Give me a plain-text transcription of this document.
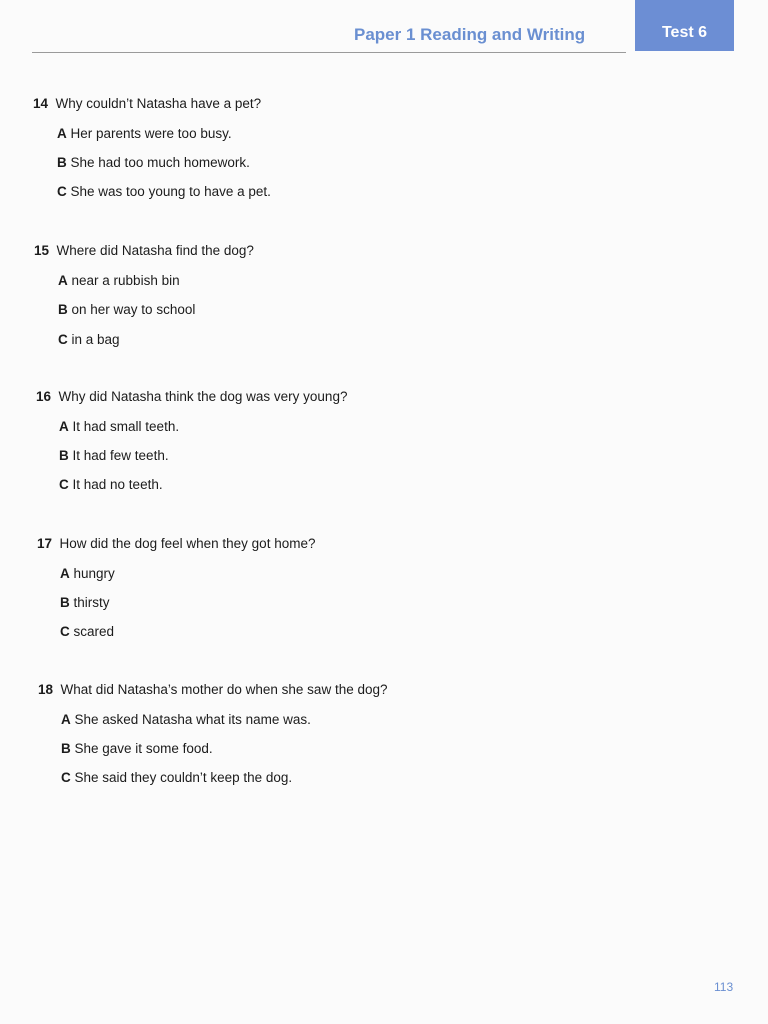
Paper 1 Reading and Writing	Test 6
14 Why couldn’t Natasha have a pet?
A Her parents were too busy.
B She had too much homework.
C She was too young to have a pet.
15 Where did Natasha find the dog?
A near a rubbish bin
B on her way to school
C in a bag
16 Why did Natasha think the dog was very young?
A It had small teeth.
B It had few teeth.
C It had no teeth.
17 How did the dog feel when they got home?
A hungry
B thirsty
C scared
18 What did Natasha’s mother do when she saw the dog?
A She asked Natasha what its name was.
B She gave it some food.
C She said they couldn’t keep the dog.
113
